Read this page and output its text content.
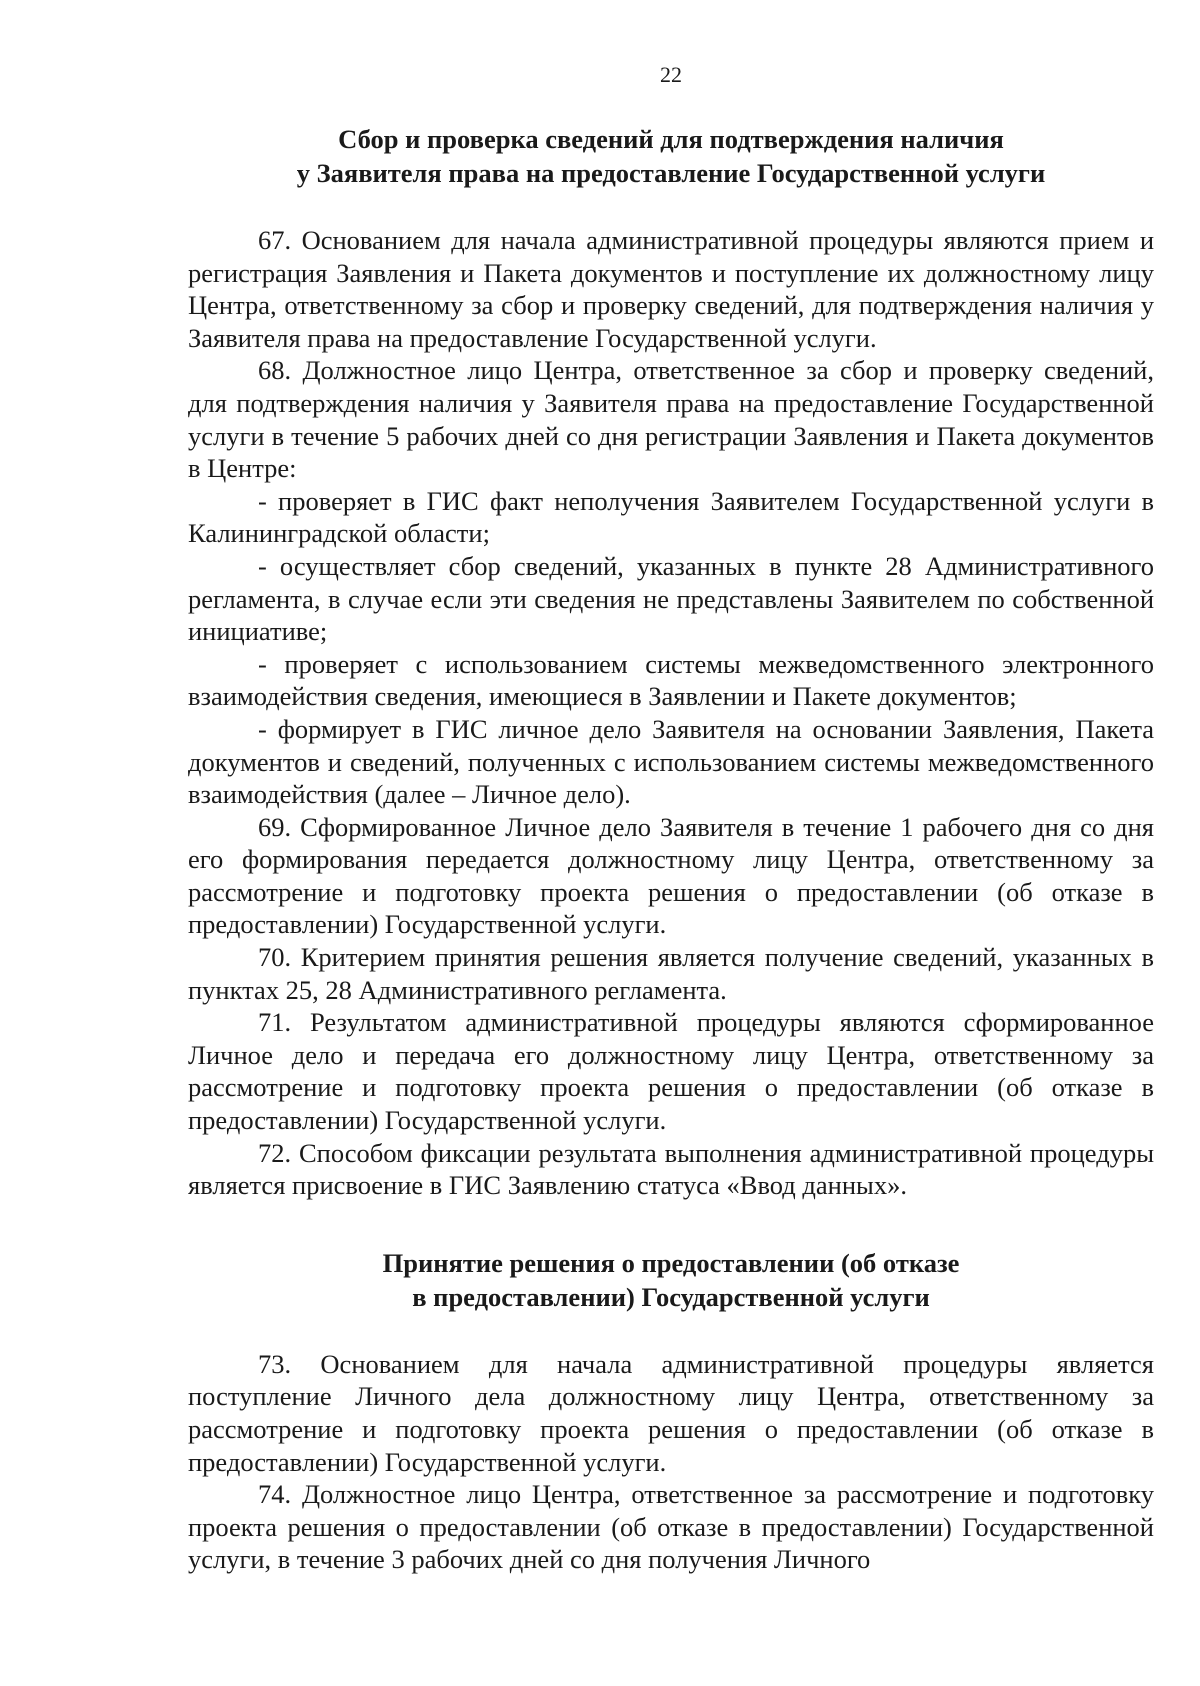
22
Сбор и проверка сведений для подтверждения наличия
у Заявителя права на предоставление Государственной услуги

67. Основанием для начала административной процедуры являются прием и регистрация Заявления и Пакета документов и поступление их должностному лицу Центра, ответственному за сбор и проверку сведений, для подтверждения наличия у Заявителя права на предоставление Государственной услуги.

68. Должностное лицо Центра, ответственное за сбор и проверку сведений, для подтверждения наличия у Заявителя права на предоставление Государственной услуги в течение 5 рабочих дней со дня регистрации Заявления и Пакета документов в Центре:

- проверяет в ГИС факт неполучения Заявителем Государственной услуги в Калининградской области;

- осуществляет сбор сведений, указанных в пункте 28 Административного регламента, в случае если эти сведения не представлены Заявителем по собственной инициативе;

- проверяет с использованием системы межведомственного электронного взаимодействия сведения, имеющиеся в Заявлении и Пакете документов;

- формирует в ГИС личное дело Заявителя на основании Заявления, Пакета документов и сведений, полученных с использованием системы межведомственного взаимодействия (далее – Личное дело).

69. Сформированное Личное дело Заявителя в течение 1 рабочего дня со дня его формирования передается должностному лицу Центра, ответственному за рассмотрение и подготовку проекта решения о предоставлении (об отказе в предоставлении) Государственной услуги.

70. Критерием принятия решения является получение сведений, указанных в пунктах 25, 28 Административного регламента.

71. Результатом административной процедуры являются сформированное Личное дело и передача его должностному лицу Центра, ответственному за рассмотрение и подготовку проекта решения о предоставлении (об отказе в предоставлении) Государственной услуги.

72. Способом фиксации результата выполнения административной процедуры является присвоение в ГИС Заявлению статуса «Ввод данных».

Принятие решения о предоставлении (об отказе
в предоставлении) Государственной услуги

73. Основанием для начала административной процедуры является поступление Личного дела должностному лицу Центра, ответственному за рассмотрение и подготовку проекта решения о предоставлении (об отказе в предоставлении) Государственной услуги.

74. Должностное лицо Центра, ответственное за рассмотрение и подготовку проекта решения о предоставлении (об отказе в предоставлении) Государственной услуги, в течение 3 рабочих дней со дня получения Личного
